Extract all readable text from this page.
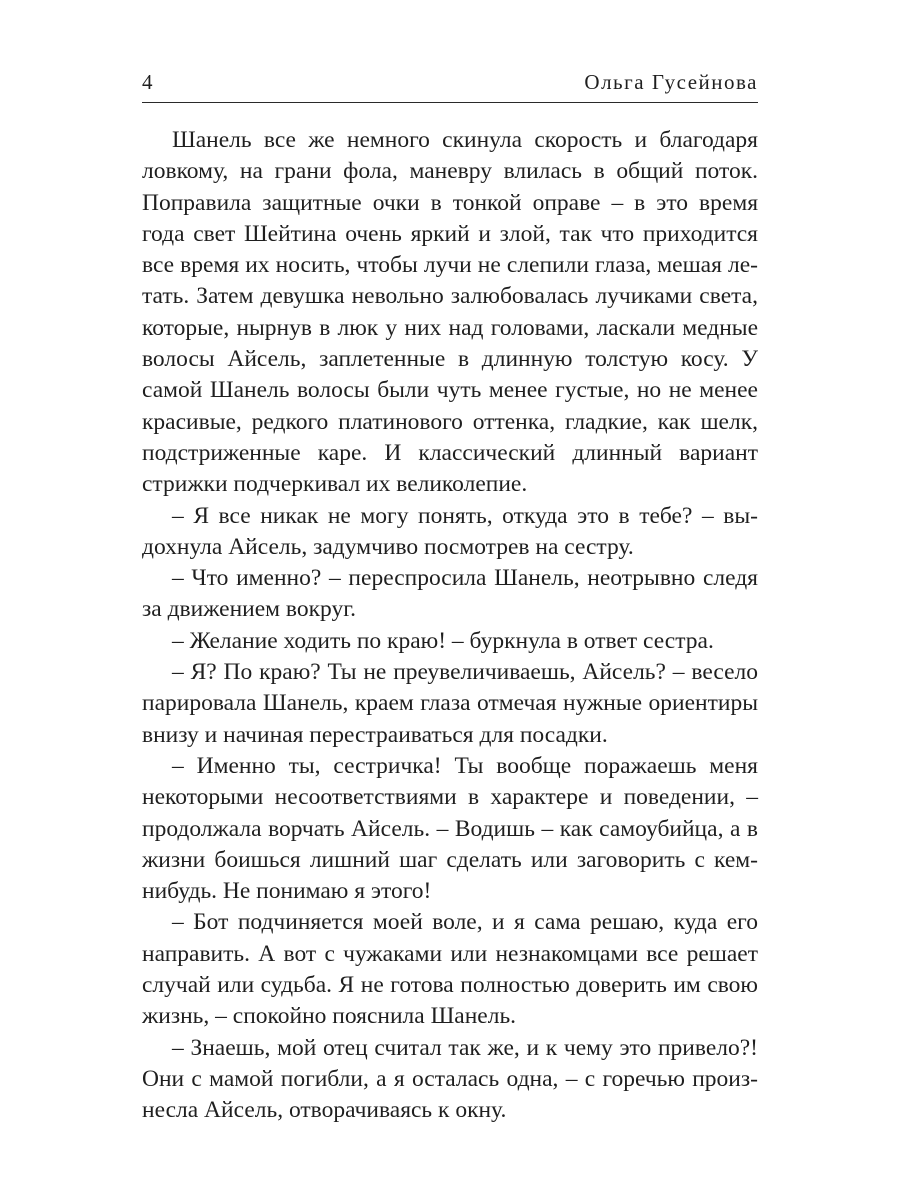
4	Ольга Гусейнова

Шанель все же немного скинула скорость и благодаря ловкому, на грани фола, маневру влилась в общий поток. Поправила защитные очки в тонкой оправе – в это время года свет Шейтина очень яркий и злой, так что приходится все время их носить, чтобы лучи не слепили глаза, мешая летать. Затем девушка невольно залюбовалась лучиками света, которые, нырнув в люк у них над головами, ласкали медные волосы Айсель, заплетенные в длинную толстую косу. У самой Шанель волосы были чуть менее густые, но не менее красивые, редкого платинового оттенка, гладкие, как шелк, подстриженные каре. И классический длинный вариант стрижки подчеркивал их великолепие.

– Я все никак не могу понять, откуда это в тебе? – выдохнула Айсель, задумчиво посмотрев на сестру.

– Что именно? – переспросила Шанель, неотрывно следя за движением вокруг.

– Желание ходить по краю! – буркнула в ответ сестра.

– Я? По краю? Ты не преувеличиваешь, Айсель? – весело парировала Шанель, краем глаза отмечая нужные ориентиры внизу и начиная перестраиваться для посадки.

– Именно ты, сестричка! Ты вообще поражаешь меня некоторыми несоответствиями в характере и поведении, – продолжала ворчать Айсель. – Водишь – как самоубийца, а в жизни боишься лишний шаг сделать или заговорить с кем-нибудь. Не понимаю я этого!

– Бот подчиняется моей воле, и я сама решаю, куда его направить. А вот с чужаками или незнакомцами все решает случай или судьба. Я не готова полностью доверить им свою жизнь, – спокойно пояснила Шанель.

– Знаешь, мой отец считал так же, и к чему это привело?! Они с мамой погибли, а я осталась одна, – с горечью произнесла Айсель, отворачиваясь к окну.
